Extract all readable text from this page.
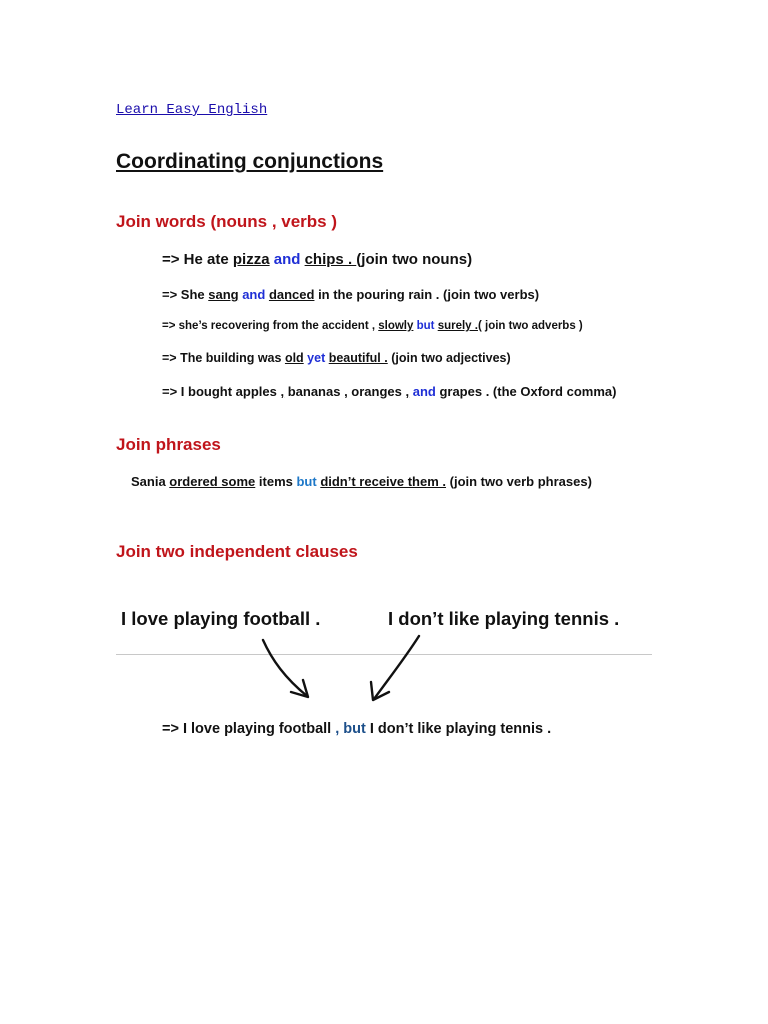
Learn Easy English
Coordinating conjunctions
Join words (nouns , verbs )
=> He ate pizza and chips . (join two nouns)
=> She sang and danced in the pouring rain . (join two verbs)
=> she’s recovering from the accident , slowly but surely .( join two adverbs )
=> The building was old yet beautiful . (join two adjectives)
=> I bought apples , bananas , oranges , and grapes . (the Oxford comma)
Join phrases
Sania ordered some items but didn’t receive them . (join two verb phrases)
Join two independent clauses
I love playing football .	I don’t like playing tennis .
=> I love playing football , but I don’t like playing tennis .
